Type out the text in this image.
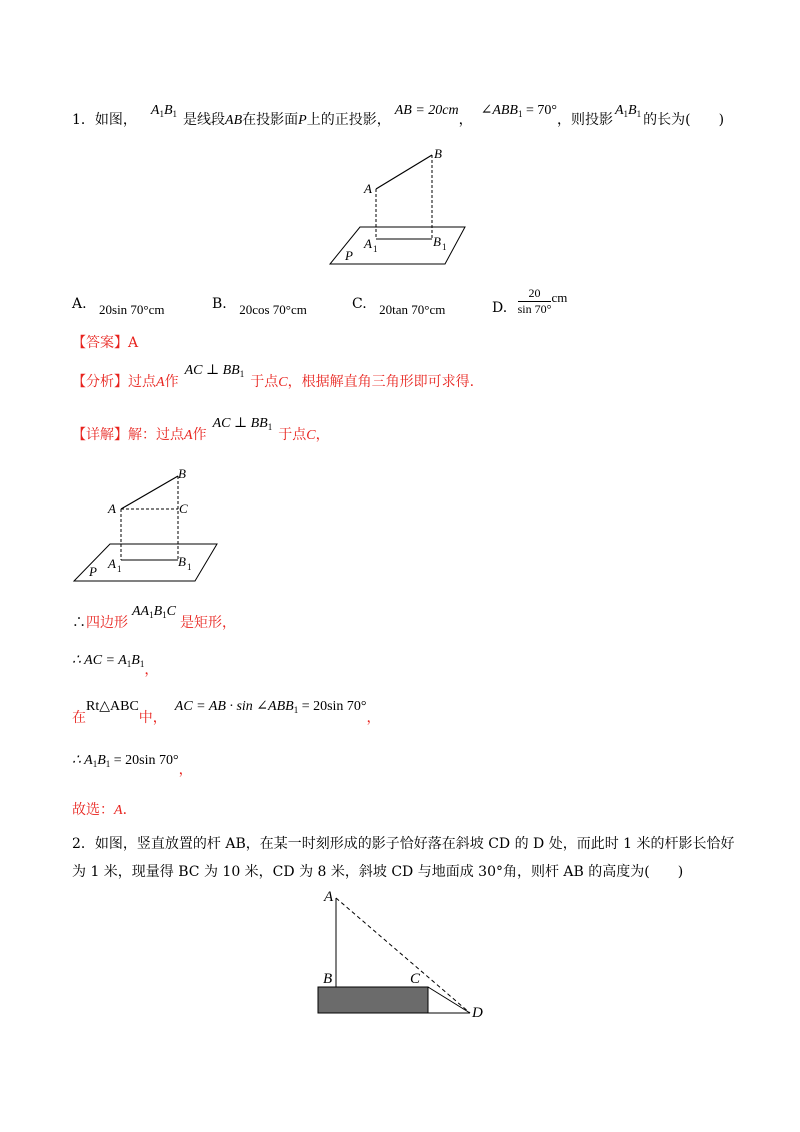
1．如图，$A_1B_1$ 是线段AB在投影面P上的正投影，AB = 20cm，$\angle ABB_1 = 70^\circ$，则投影$A_1B_1$ 的长为(　　)
B
A
A 1	B 1
P
A. 20sin 70°cm	B. 20cos 70°cm	C. 20tan 70°cm	D. $\frac{20}{\sin 70^\circ}$ cm
【答案】A
【分析】过点A作AC ⊥ $BB_1$ 于点C，根据解直角三角形即可求得.
【详解】解：过点A作AC ⊥ $BB_1$ 于点C，
B
A	C
A 1	B 1
P
∴四边形$AA_1B_1C$是矩形，
∴ AC = $A_1B_1$，
在Rt△ABC中，AC = AB · $\sin \angle ABB_1 = 20\sin$ 70°，
∴ $A_1B_1 = 20\sin$ 70°，
故选：A．
2．如图，竖直放置的杆 AB，在某一时刻形成的影子恰好落在斜坡 CD 的 D 处，而此时 1 米的杆影长恰好
为 1 米，现量得 BC 为 10 米，CD 为 8 米，斜坡 CD 与地面成 30°角，则杆 AB 的高度为(　　)
A
B	C
D
